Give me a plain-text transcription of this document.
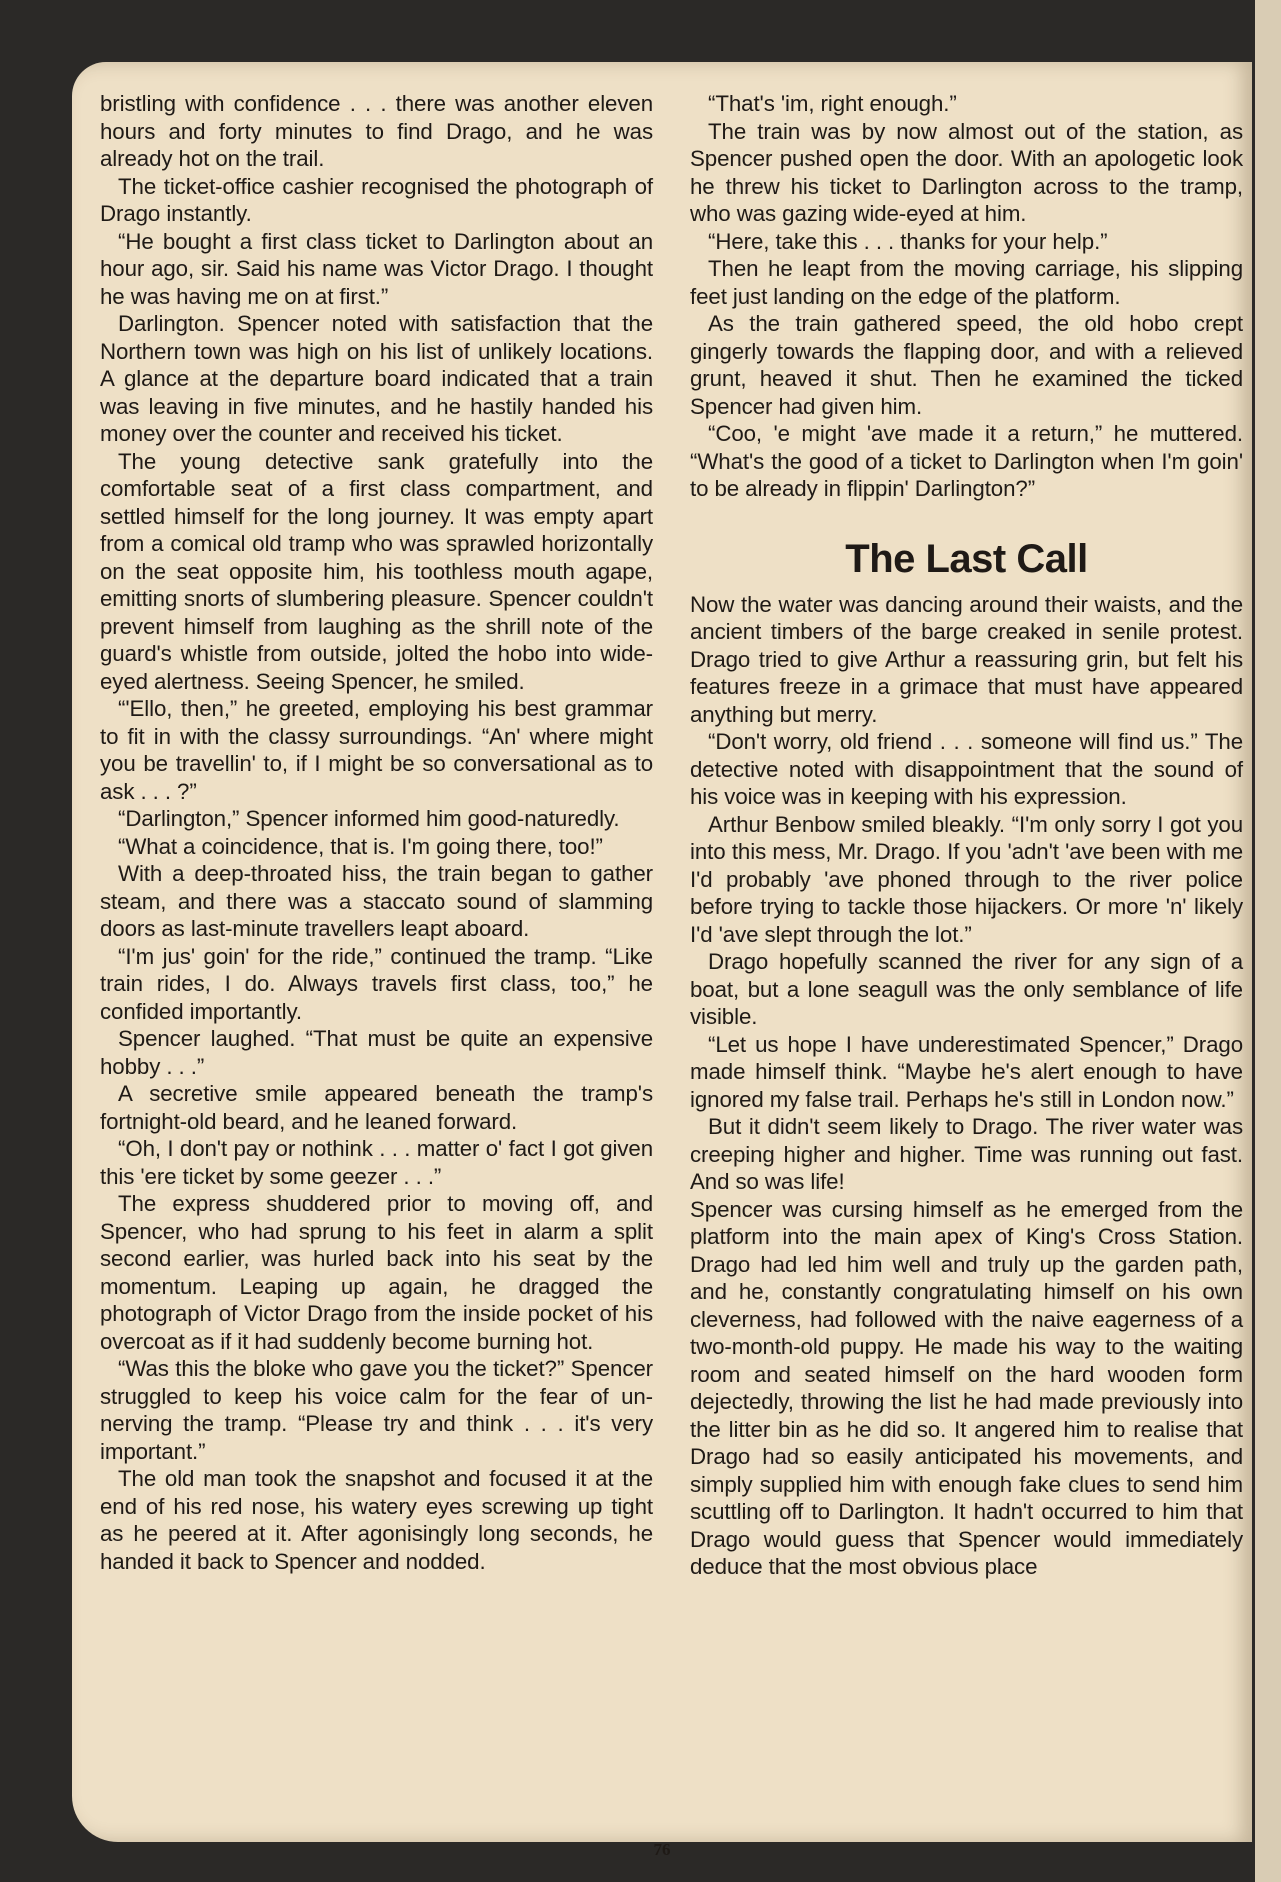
bristling with confidence . . . there was another eleven hours and forty minutes to find Drago, and he was already hot on the trail.

The ticket-office cashier recognised the photograph of Drago instantly.

“He bought a first class ticket to Darlington about an hour ago, sir. Said his name was Victor Drago. I thought he was having me on at first.”

Darlington. Spencer noted with satisfaction that the Northern town was high on his list of unlikely locations. A glance at the departure board indicated that a train was leaving in five minutes, and he hastily handed his money over the counter and received his ticket.

The young detective sank gratefully into the comfortable seat of a first class compartment, and settled himself for the long journey. It was empty apart from a comical old tramp who was sprawled horizontally on the seat opposite him, his toothless mouth agape, emitting snorts of slumbering pleasure. Spencer couldn't prevent himself from laughing as the shrill note of the guard's whistle from outside, jolted the hobo into wide-eyed alertness. Seeing Spencer, he smiled.

“'Ello, then,” he greeted, employing his best grammar to fit in with the classy surroundings. “An' where might you be travellin' to, if I might be so conversational as to ask . . . ?”

“Darlington,” Spencer informed him good-naturedly.

“What a coincidence, that is. I'm going there, too!”

With a deep-throated hiss, the train began to gather steam, and there was a staccato sound of slamming doors as last-minute travellers leapt aboard.

“I'm jus' goin' for the ride,” continued the tramp. “Like train rides, I do. Always travels first class, too,” he confided importantly.

Spencer laughed. “That must be quite an expensive hobby . . .”

A secretive smile appeared beneath the tramp's fortnight-old beard, and he leaned forward.

“Oh, I don't pay or nothink . . . matter o' fact I got given this 'ere ticket by some geezer . . .”

The express shuddered prior to moving off, and Spencer, who had sprung to his feet in alarm a split second earlier, was hurled back into his seat by the momentum. Leaping up again, he dragged the photograph of Victor Drago from the inside pocket of his overcoat as if it had suddenly become burning hot.

“Was this the bloke who gave you the ticket?” Spencer struggled to keep his voice calm for the fear of un-nerving the tramp. “Please try and think . . . it's very important.”

The old man took the snapshot and focused it at the end of his red nose, his watery eyes screwing up tight as he peered at it. After agonisingly long seconds, he handed it back to Spencer and nodded.

“That's 'im, right enough.”

The train was by now almost out of the station, as Spencer pushed open the door. With an apologetic look he threw his ticket to Darlington across to the tramp, who was gazing wide-eyed at him.

“Here, take this . . . thanks for your help.”

Then he leapt from the moving carriage, his slipping feet just landing on the edge of the platform.

As the train gathered speed, the old hobo crept gingerly towards the flapping door, and with a relieved grunt, heaved it shut. Then he examined the ticked Spencer had given him.

“Coo, 'e might 'ave made it a return,” he muttered. “What's the good of a ticket to Darlington when I'm goin' to be already in flippin' Darlington?”

The Last Call

Now the water was dancing around their waists, and the ancient timbers of the barge creaked in senile protest. Drago tried to give Arthur a reassuring grin, but felt his features freeze in a grimace that must have appeared anything but merry.

“Don't worry, old friend . . . someone will find us.” The detective noted with disappointment that the sound of his voice was in keeping with his expression.

Arthur Benbow smiled bleakly. “I'm only sorry I got you into this mess, Mr. Drago. If you 'adn't 'ave been with me I'd probably 'ave phoned through to the river police before trying to tackle those hijackers. Or more 'n' likely I'd 'ave slept through the lot.”

Drago hopefully scanned the river for any sign of a boat, but a lone seagull was the only semblance of life visible.

“Let us hope I have underestimated Spencer,” Drago made himself think. “Maybe he's alert enough to have ignored my false trail. Perhaps he's still in London now.”

But it didn't seem likely to Drago. The river water was creeping higher and higher. Time was running out fast. And so was life!

Spencer was cursing himself as he emerged from the platform into the main apex of King's Cross Station. Drago had led him well and truly up the garden path, and he, constantly congratulating himself on his own cleverness, had followed with the naive eagerness of a two-month-old puppy. He made his way to the waiting room and seated himself on the hard wooden form dejectedly, throwing the list he had made previously into the litter bin as he did so. It angered him to realise that Drago had so easily anticipated his movements, and simply supplied him with enough fake clues to send him scuttling off to Darlington. It hadn't occurred to him that Drago would guess that Spencer would immediately deduce that the most obvious place

76
